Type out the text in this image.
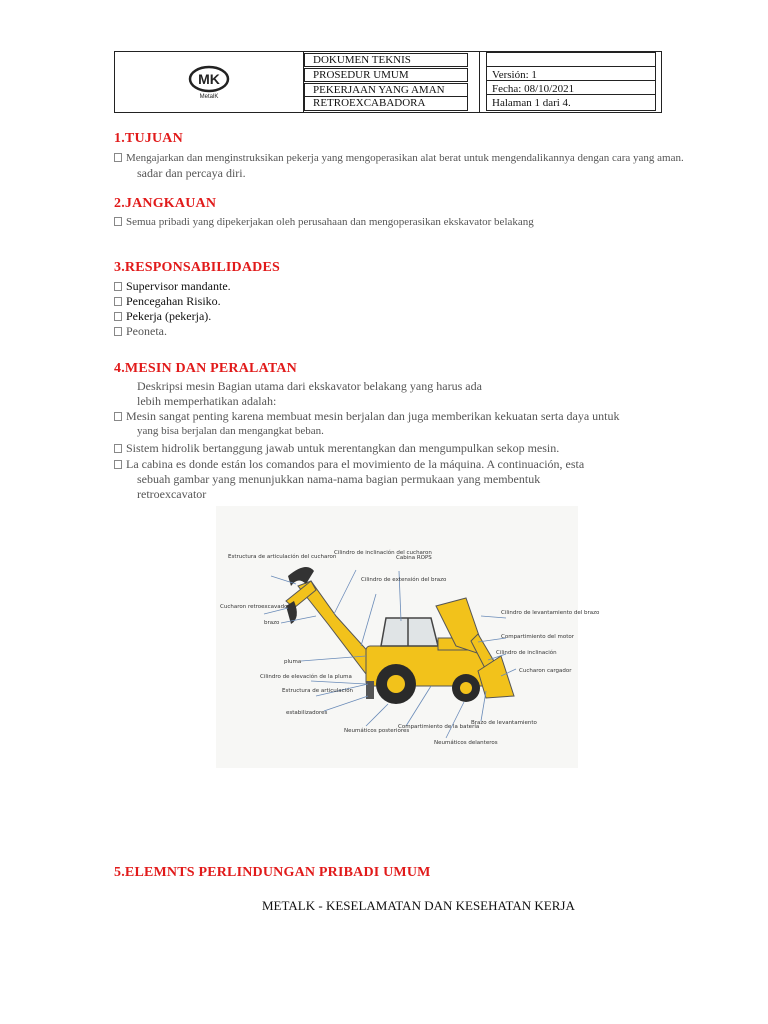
MK
MetalK
DOKUMEN TEKNIS
PROSEDUR UMUM
PEKERJAAN YANG AMAN
RETROEXCABADORA
Versión: 1
Fecha: 08/10/2021
Halaman 1 dari 4.
1.TUJUAN
Mengajarkan dan menginstruksikan pekerja yang mengoperasikan alat berat untuk mengendalikannya dengan cara yang aman.
sadar dan percaya diri.
2.JANGKAUAN
Semua pribadi yang dipekerjakan oleh perusahaan dan mengoperasikan ekskavator belakang
3.RESPONSABILIDADES
Supervisor mandante.
Pencegahan Risiko.
Pekerja (pekerja).
Peoneta.
4.MESIN DAN PERALATAN
Deskripsi mesin Bagian utama dari ekskavator belakang yang harus ada
lebih memperhatikan adalah:
Mesin sangat penting karena membuat mesin berjalan dan juga memberikan kekuatan serta daya untuk
yang bisa berjalan dan mengangkat beban.
Sistem hidrolik bertanggung jawab untuk merentangkan dan mengumpulkan sekop mesin.
La cabina es donde están los comandos para el movimiento de la máquina. A continuación, esta
sebuah gambar yang menunjukkan nama-nama bagian permukaan yang membentuk
retroexcavator
Estructura de articulación del cucharon
Cilindro de inclinación del cucharon
Cabina ROPS
Cilindro de extensión del brazo
Cucharon retroexcavador
brazo
Cilindro de levantamiento del brazo
Compartimiento del motor
Cilindro de inclinación
pluma
Cucharon cargador
Cilindro de elevación de la pluma
Estructura de articulación
estabilizadores
Brazo de levantamiento
Neumáticos posteriores
Compartimiento de la batería
Neumáticos delanteros
5.ELEMNTS PERLINDUNGAN PRIBADI UMUM
METALK - KESELAMATAN DAN KESEHATAN KERJA
